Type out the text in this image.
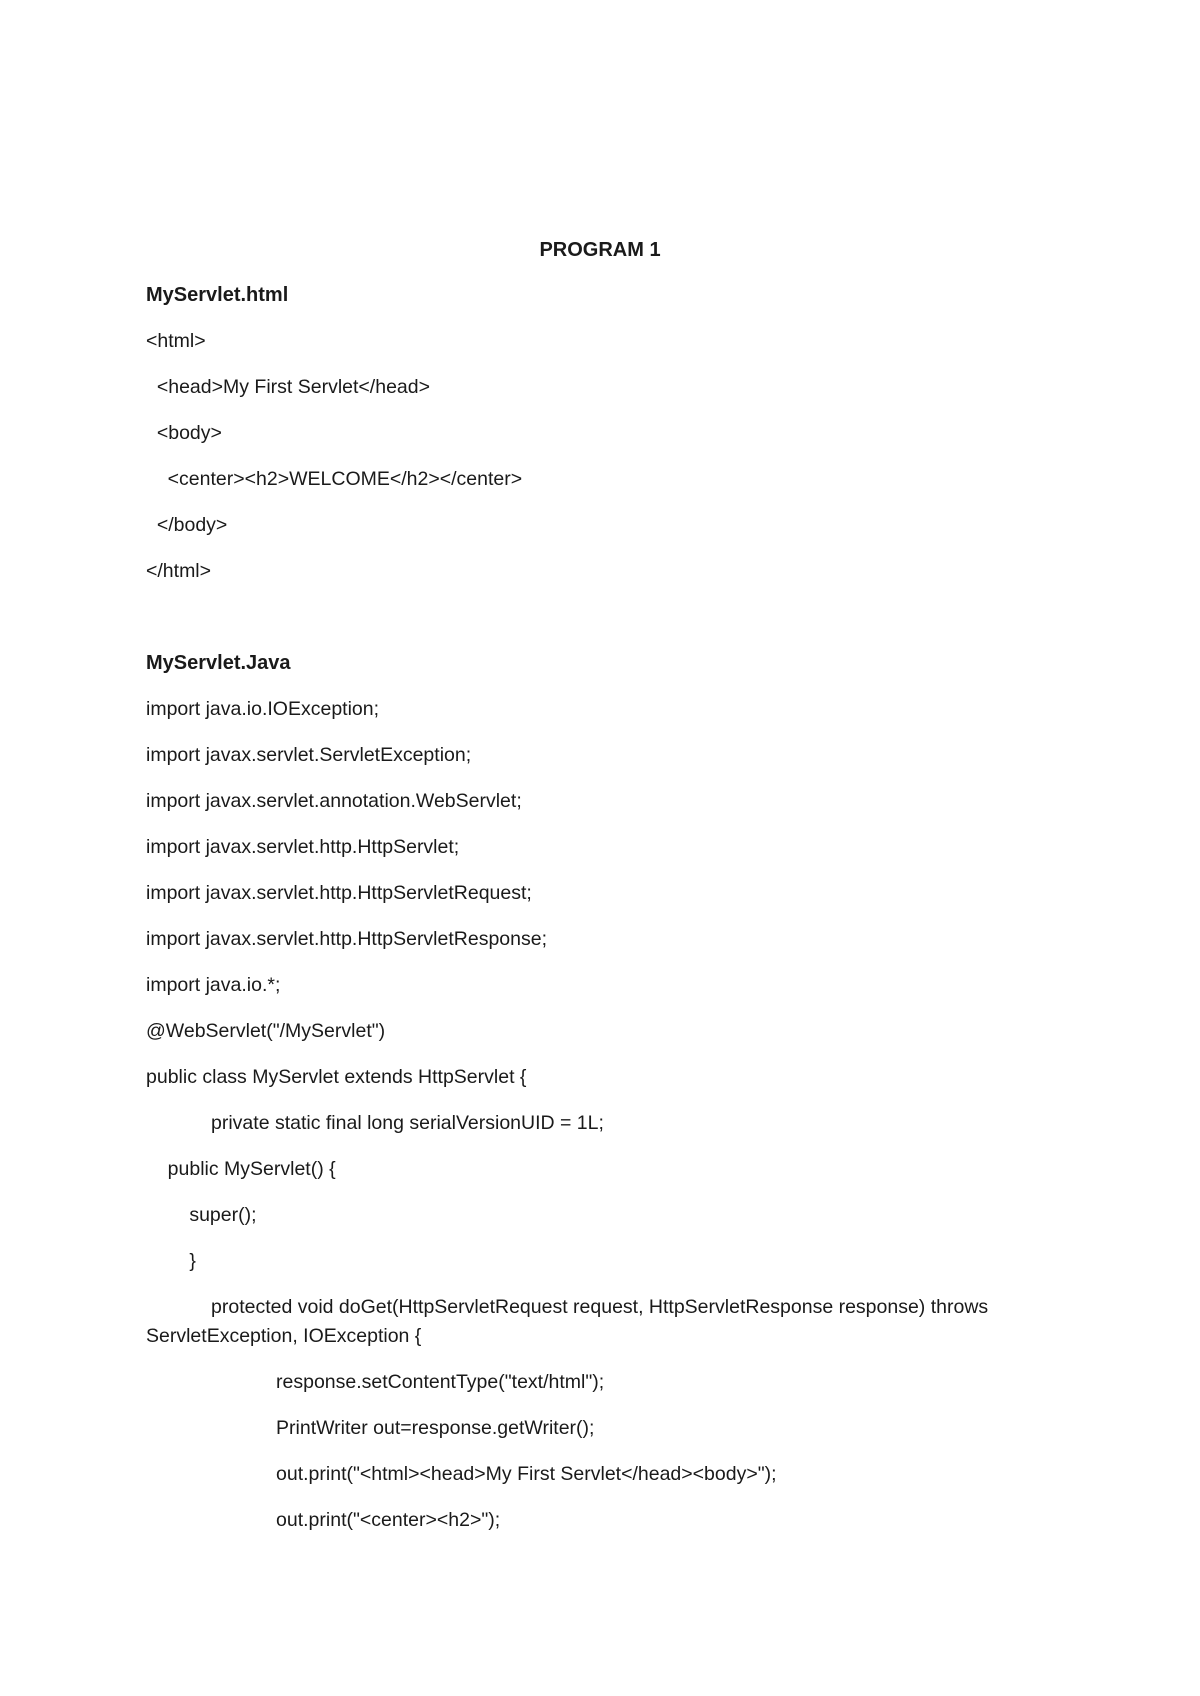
PROGRAM 1
MyServlet.html
<html>
<head>My First Servlet</head>
<body>
<center><h2>WELCOME</h2></center>
</body>
</html>
MyServlet.Java
import java.io.IOException;
import javax.servlet.ServletException;
import javax.servlet.annotation.WebServlet;
import javax.servlet.http.HttpServlet;
import javax.servlet.http.HttpServletRequest;
import javax.servlet.http.HttpServletResponse;
import java.io.*;
@WebServlet("/MyServlet")
public class MyServlet extends HttpServlet {
private static final long serialVersionUID = 1L;
public MyServlet() {
super();
}
protected void doGet(HttpServletRequest request, HttpServletResponse response) throws
ServletException, IOException {
response.setContentType("text/html");
PrintWriter out=response.getWriter();
out.print("<html><head>My First Servlet</head><body>");
out.print("<center><h2>");
